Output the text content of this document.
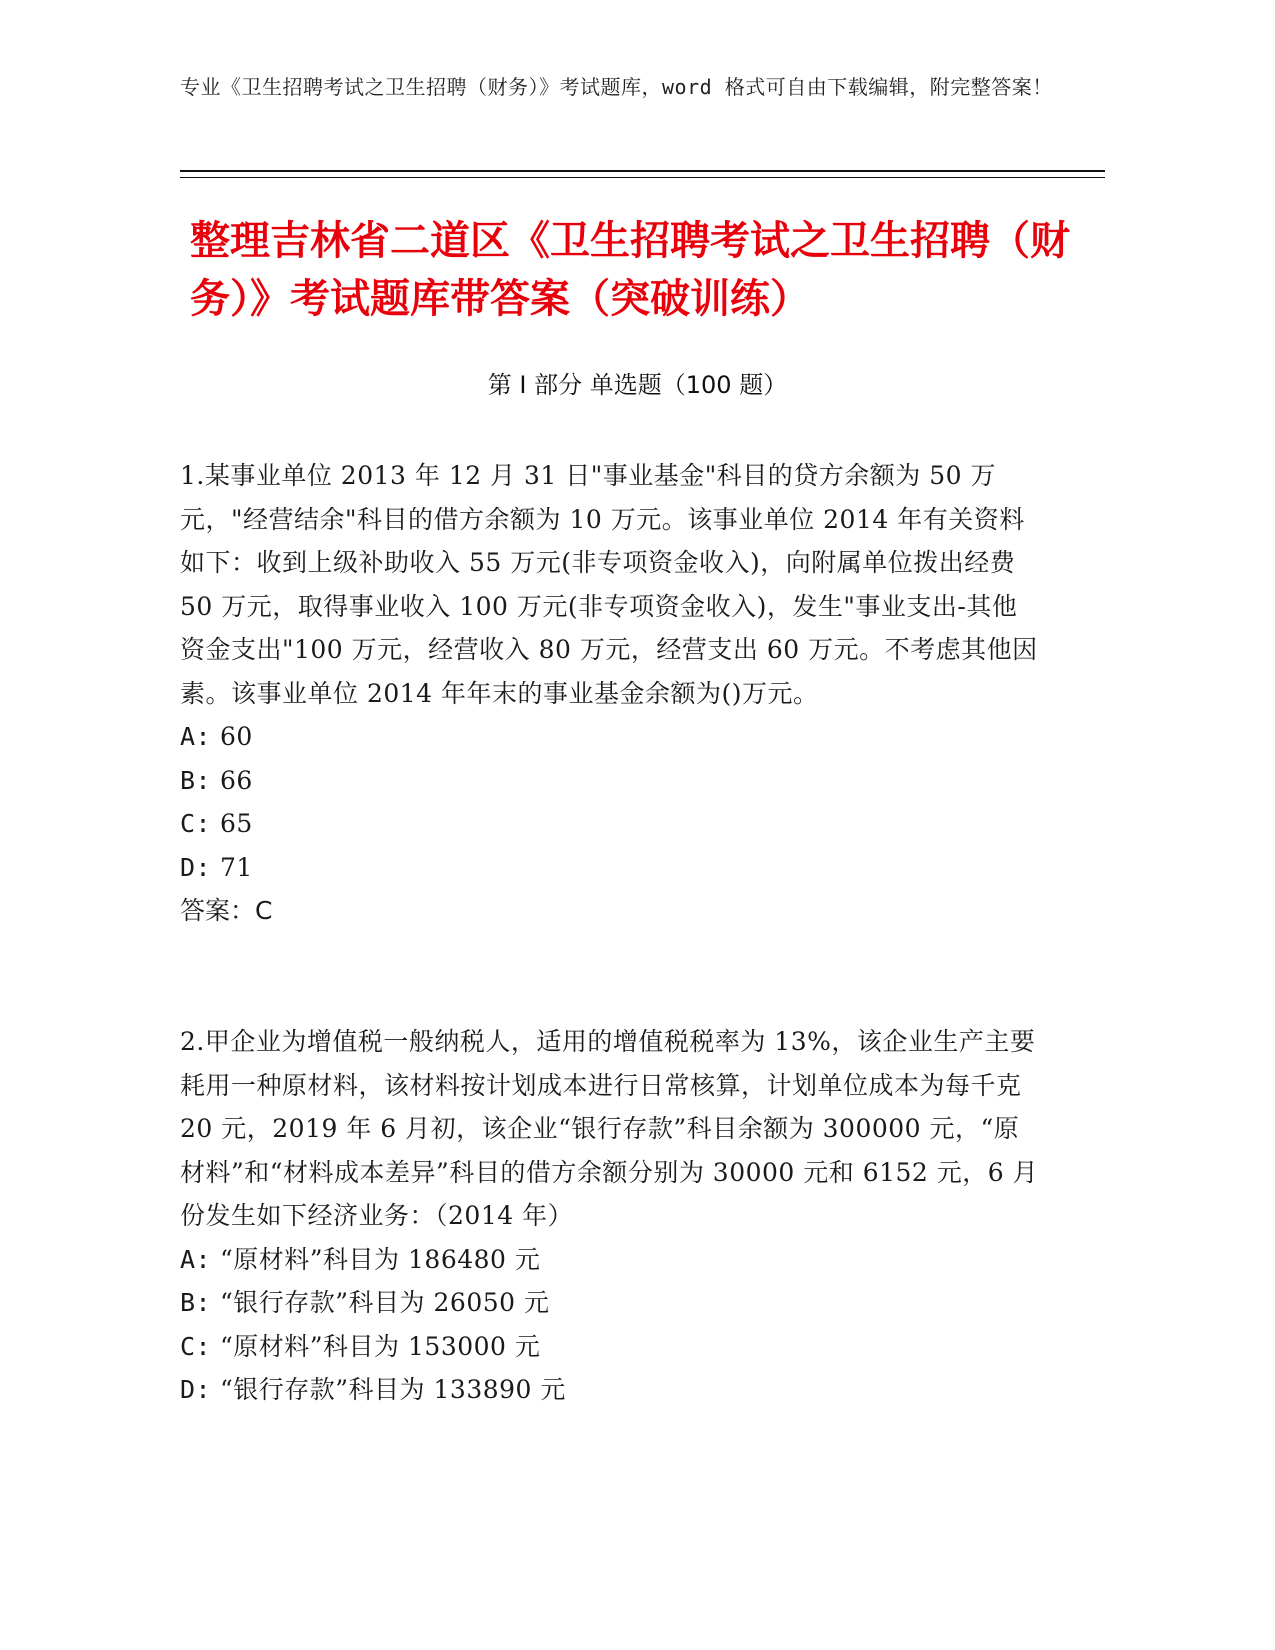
专业《卫生招聘考试之卫生招聘（财务）》考试题库，word 格式可自由下载编辑，附完整答案！
整理吉林省二道区《卫生招聘考试之卫生招聘（财务）》考试题库带答案（突破训练）
第 I 部分 单选题（100 题）

1.某事业单位 2013 年 12 月 31 日"事业基金"科目的贷方余额为 50 万元，"经营结余"科目的借方余额为 10 万元。该事业单位 2014 年有关资料如下：收到上级补助收入 55 万元(非专项资金收入)，向附属单位拨出经费 50 万元，取得事业收入 100 万元(非专项资金收入)，发生"事业支出-其他资金支出"100 万元，经营收入 80 万元，经营支出 60 万元。不考虑其他因素。该事业单位 2014 年年末的事业基金余额为()万元。

A: 60

B: 66

C: 65

D: 71

答案：C

2.甲企业为增值税一般纳税人，适用的增值税税率为 13%，该企业生产主要耗用一种原材料，该材料按计划成本进行日常核算，计划单位成本为每千克 20 元，2019 年 6 月初，该企业“银行存款”科目余额为 300000 元，“原材料”和“材料成本差异”科目的借方余额分别为 30000 元和 6152 元，6 月份发生如下经济业务：（2014 年）

A: “原材料”科目为 186480 元

B: “银行存款”科目为 26050 元

C: “原材料”科目为 153000 元

D: “银行存款”科目为 133890 元
